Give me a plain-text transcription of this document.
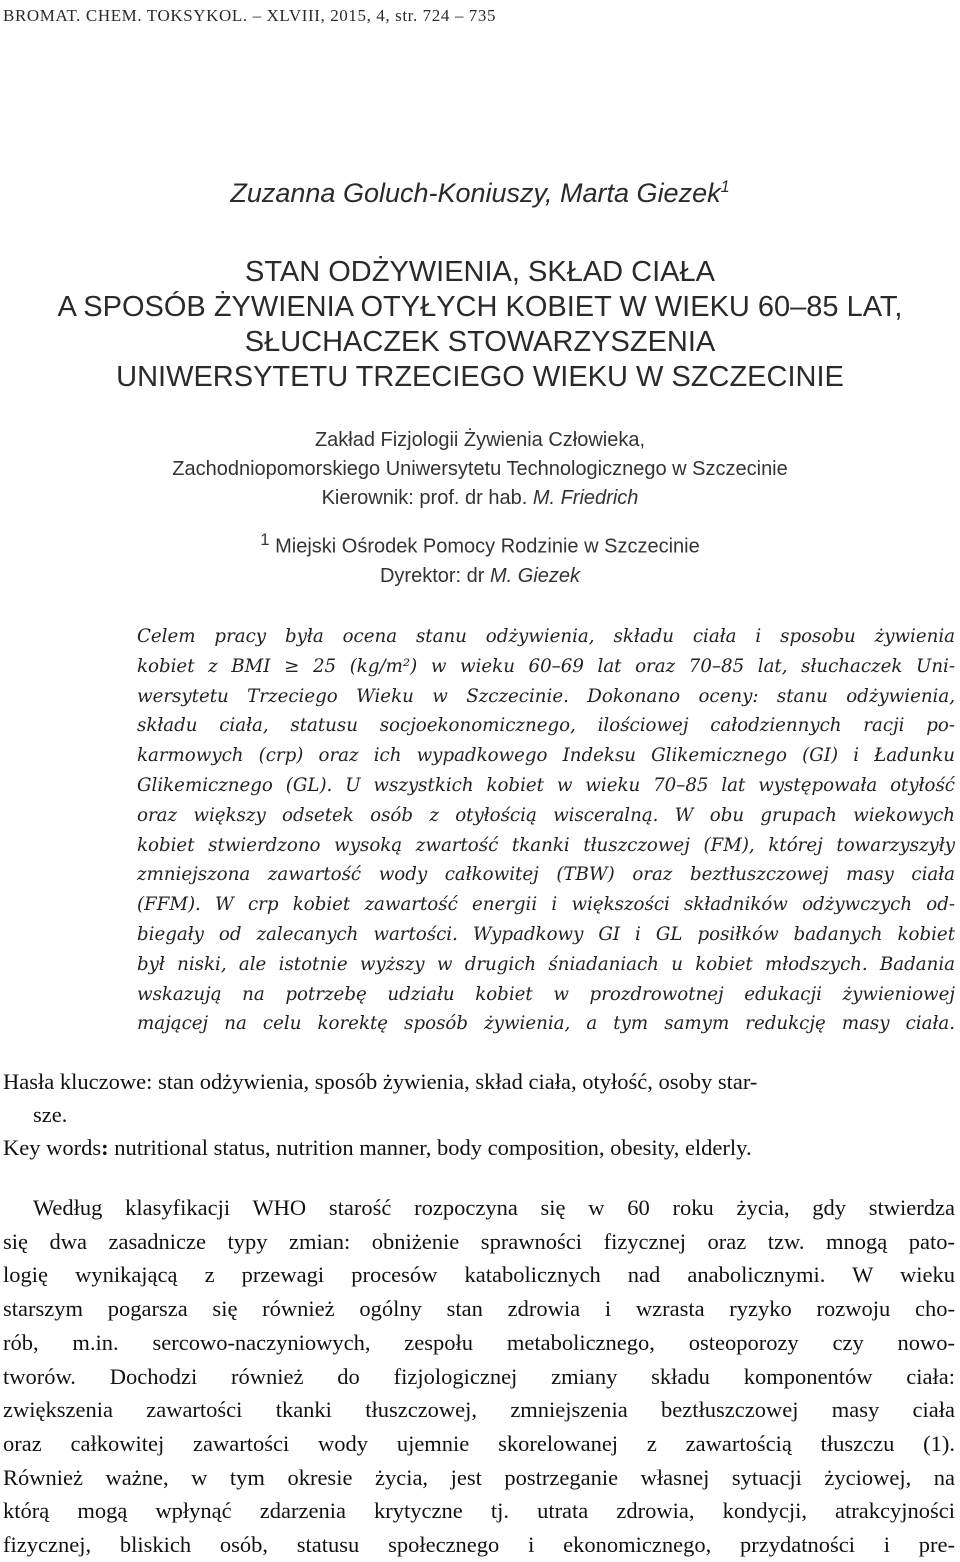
BROMAT. CHEM. TOKSYKOL. – XLVIII, 2015, 4, str. 724 – 735
Zuzanna Goluch-Koniuszy, Marta Giezek$^1$
STAN ODŻYWIENIA, SKŁAD CIAŁA
A SPOSÓB ŻYWIENIA OTYŁYCH KOBIET W WIEKU 60–85 LAT,
SŁUCHACZEK STOWARZYSZENIA
UNIWERSYTETU TRZECIEGO WIEKU W SZCZECINIE
Zakład Fizjologii Żywienia Człowieka,
Zachodniopomorskiego Uniwersytetu Technologicznego w Szczecinie
Kierownik: prof. dr hab. M. Friedrich
$^1$ Miejski Ośrodek Pomocy Rodzinie w Szczecinie
Dyrektor: dr M. Giezek
Celem pracy była ocena stanu odżywienia, składu ciała i sposobu żywienia
kobiet z BMI ≥ 25 (kg/m²) w wieku 60–69 lat oraz 70–85 lat, słuchaczek Uni-
wersytetu Trzeciego Wieku w Szczecinie. Dokonano oceny: stanu odżywienia,
składu ciała, statusu socjoekonomicznego, ilościowej całodziennych racji po-
karmowych (crp) oraz ich wypadkowego Indeksu Glikemicznego (GI) i Ładunku
Glikemicznego (GL). U wszystkich kobiet w wieku 70–85 lat występowała otyłość
oraz większy odsetek osób z otyłością wisceralną. W obu grupach wiekowych
kobiet stwierdzono wysoką zwartość tkanki tłuszczowej (FM), której towarzyszyły
zmniejszona zawartość wody całkowitej (TBW) oraz beztłuszczowej masy ciała
(FFM). W crp kobiet zawartość energii i większości składników odżywczych od-
biegały od zalecanych wartości. Wypadkowy GI i GL posiłków badanych kobiet
był niski, ale istotnie wyższy w drugich śniadaniach u kobiet młodszych. Badania
wskazują na potrzebę udziału kobiet w prozdrowotnej edukacji żywieniowej
mającej na celu korektę sposób żywienia, a tym samym redukcję masy ciała.
Hasła kluczowe: stan odżywienia, sposób żywienia, skład ciała, otyłość, osoby star-
sze.
Key words: nutritional status, nutrition manner, body composition, obesity, elderly.
Według klasyfikacji WHO starość rozpoczyna się w 60 roku życia, gdy stwierdza
się dwa zasadnicze typy zmian: obniżenie sprawności fizycznej oraz tzw. mnogą pato-
logię wynikającą z przewagi procesów katabolicznych nad anabolicznymi. W wieku
starszym pogarsza się również ogólny stan zdrowia i wzrasta ryzyko rozwoju cho-
rób, m.in. sercowo-naczyniowych, zespołu metabolicznego, osteoporozy czy nowo-
tworów. Dochodzi również do fizjologicznej zmiany składu komponentów ciała:
zwiększenia zawartości tkanki tłuszczowej, zmniejszenia beztłuszczowej masy ciała
oraz całkowitej zawartości wody ujemnie skorelowanej z zawartością tłuszczu (1).
Również ważne, w tym okresie życia, jest postrzeganie własnej sytuacji życiowej, na
którą mogą wpłynąć zdarzenia krytyczne tj. utrata zdrowia, kondycji, atrakcyjności
fizycznej, bliskich osób, statusu społecznego i ekonomicznego, przydatności i pre-
